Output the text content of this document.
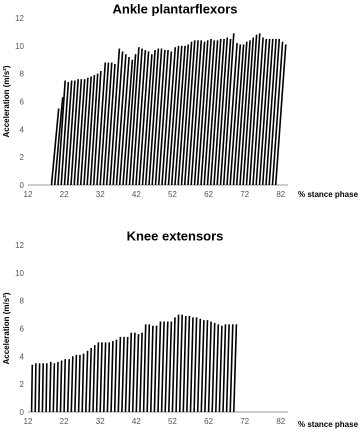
Ankle plantarflexors
Acceleration (m/s²)
0
2
4
6
8
10
12
12	22	32	42	52	62	72	82 % stance phase
Knee extensors
Acceleration (m/s²)
0
2
4
6
8
10
12
12	22	32	42	52	62	72	82 % stance phase
